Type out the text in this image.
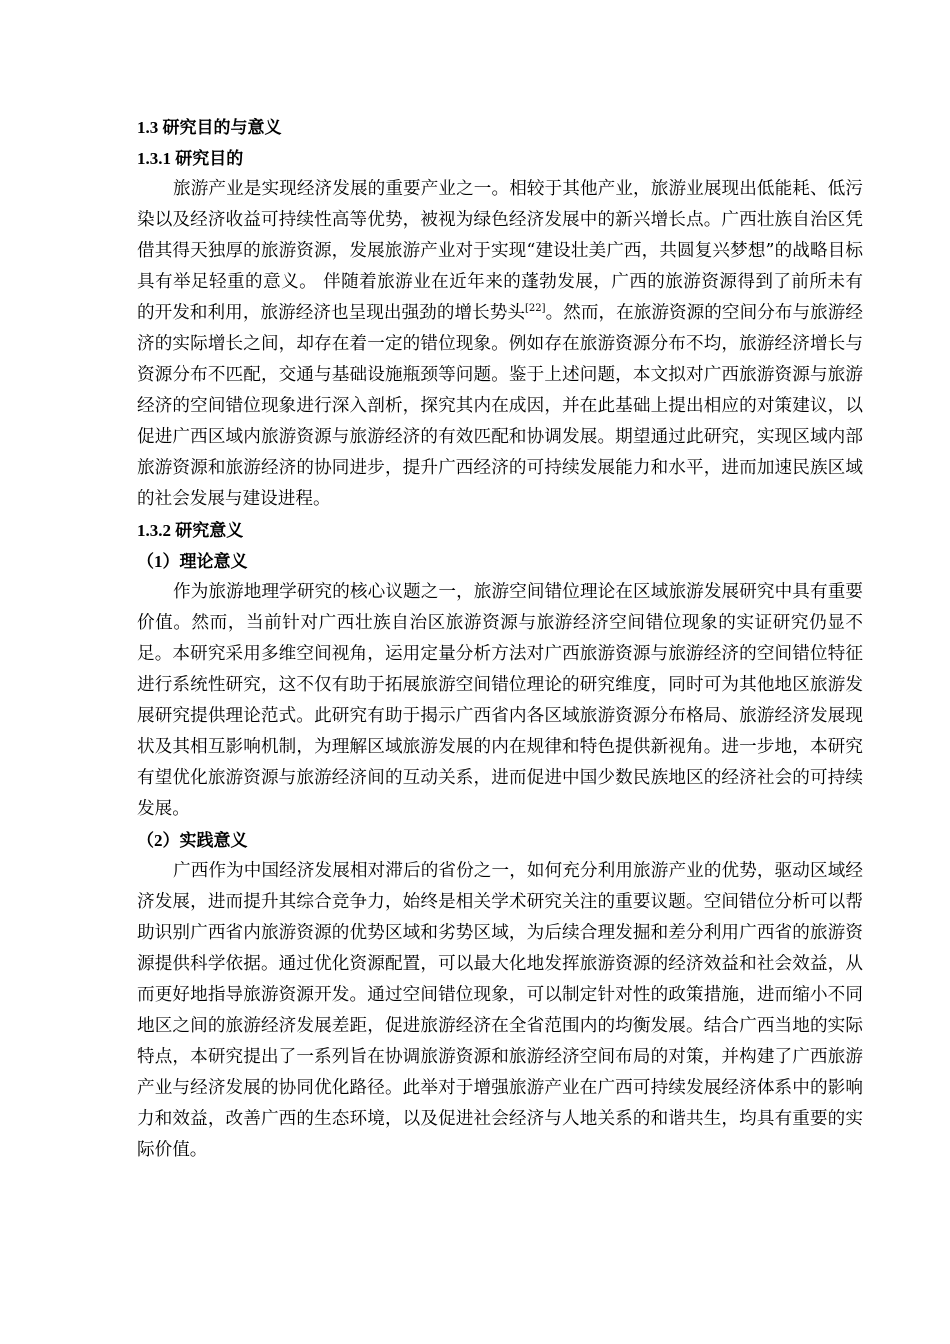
1.3 研究目的与意义
1.3.1 研究目的

旅游产业是实现经济发展的重要产业之一。相较于其他产业，旅游业展现出低能耗、低污染以及经济收益可持续性高等优势，被视为绿色经济发展中的新兴增长点。广西壮族自治区凭借其得天独厚的旅游资源，发展旅游产业对于实现“建设壮美广西，共圆复兴梦想”的战略目标具有举足轻重的意义。 伴随着旅游业在近年来的蓬勃发展，广西的旅游资源得到了前所未有的开发和利用，旅游经济也呈现出强劲的增长势头[22]。然而，在旅游资源的空间分布与旅游经济的实际增长之间，却存在着一定的错位现象。例如存在旅游资源分布不均，旅游经济增长与资源分布不匹配，交通与基础设施瓶颈等问题。鉴于上述问题，本文拟对广西旅游资源与旅游经济的空间错位现象进行深入剖析，探究其内在成因，并在此基础上提出相应的对策建议，以促进广西区域内旅游资源与旅游经济的有效匹配和协调发展。期望通过此研究，实现区域内部旅游资源和旅游经济的协同进步，提升广西经济的可持续发展能力和水平，进而加速民族区域的社会发展与建设进程。

1.3.2 研究意义
（1）理论意义

作为旅游地理学研究的核心议题之一，旅游空间错位理论在区域旅游发展研究中具有重要价值。然而，当前针对广西壮族自治区旅游资源与旅游经济空间错位现象的实证研究仍显不足。本研究采用多维空间视角，运用定量分析方法对广西旅游资源与旅游经济的空间错位特征进行系统性研究，这不仅有助于拓展旅游空间错位理论的研究维度，同时可为其他地区旅游发展研究提供理论范式。此研究有助于揭示广西省内各区域旅游资源分布格局、旅游经济发展现状及其相互影响机制，为理解区域旅游发展的内在规律和特色提供新视角。进一步地，本研究有望优化旅游资源与旅游经济间的互动关系，进而促进中国少数民族地区的经济社会的可持续发展。

（2）实践意义

广西作为中国经济发展相对滞后的省份之一，如何充分利用旅游产业的优势，驱动区域经济发展，进而提升其综合竞争力，始终是相关学术研究关注的重要议题。空间错位分析可以帮助识别广西省内旅游资源的优势区域和劣势区域，为后续合理发掘和差分利用广西省的旅游资源提供科学依据。通过优化资源配置，可以最大化地发挥旅游资源的经济效益和社会效益，从而更好地指导旅游资源开发。通过空间错位现象，可以制定针对性的政策措施，进而缩小不同地区之间的旅游经济发展差距，促进旅游经济在全省范围内的均衡发展。结合广西当地的实际特点，本研究提出了一系列旨在协调旅游资源和旅游经济空间布局的对策，并构建了广西旅游产业与经济发展的协同优化路径。此举对于增强旅游产业在广西可持续发展经济体系中的影响力和效益，改善广西的生态环境，以及促进社会经济与人地关系的和谐共生，均具有重要的实际价值。
